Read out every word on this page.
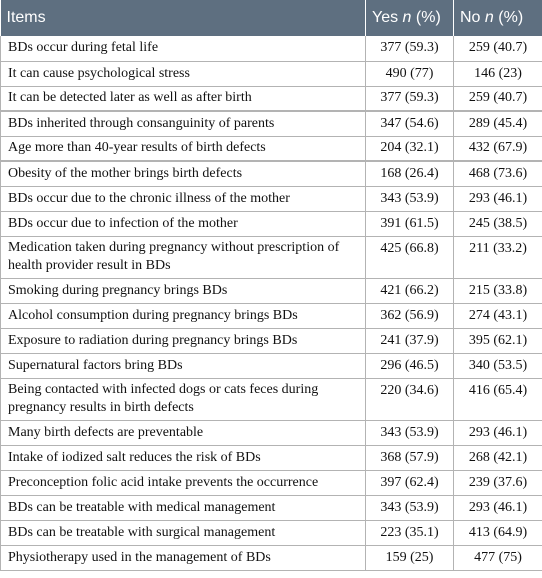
Items	Yes n (%)	No n (%)
BDs occur during fetal life	377 (59.3)	259 (40.7)
It can cause psychological stress	490 (77)	146 (23)
It can be detected later as well as after birth	377 (59.3)	259 (40.7)
BDs inherited through consanguinity of parents	347 (54.6)	289 (45.4)
Age more than 40-year results of birth defects	204 (32.1)	432 (67.9)
Obesity of the mother brings birth defects	168 (26.4)	468 (73.6)
BDs occur due to the chronic illness of the mother	343 (53.9)	293 (46.1)
BDs occur due to infection of the mother	391 (61.5)	245 (38.5)
Medication taken during pregnancy without prescription of health provider result in BDs	425 (66.8)	211 (33.2)
Smoking during pregnancy brings BDs	421 (66.2)	215 (33.8)
Alcohol consumption during pregnancy brings BDs	362 (56.9)	274 (43.1)
Exposure to radiation during pregnancy brings BDs	241 (37.9)	395 (62.1)
Supernatural factors bring BDs	296 (46.5)	340 (53.5)
Being contacted with infected dogs or cats feces during pregnancy results in birth defects	220 (34.6)	416 (65.4)
Many birth defects are preventable	343 (53.9)	293 (46.1)
Intake of iodized salt reduces the risk of BDs	368 (57.9)	268 (42.1)
Preconception folic acid intake prevents the occurrence	397 (62.4)	239 (37.6)
BDs can be treatable with medical management	343 (53.9)	293 (46.1)
BDs can be treatable with surgical management	223 (35.1)	413 (64.9)
Physiotherapy used in the management of BDs	159 (25)	477 (75)
